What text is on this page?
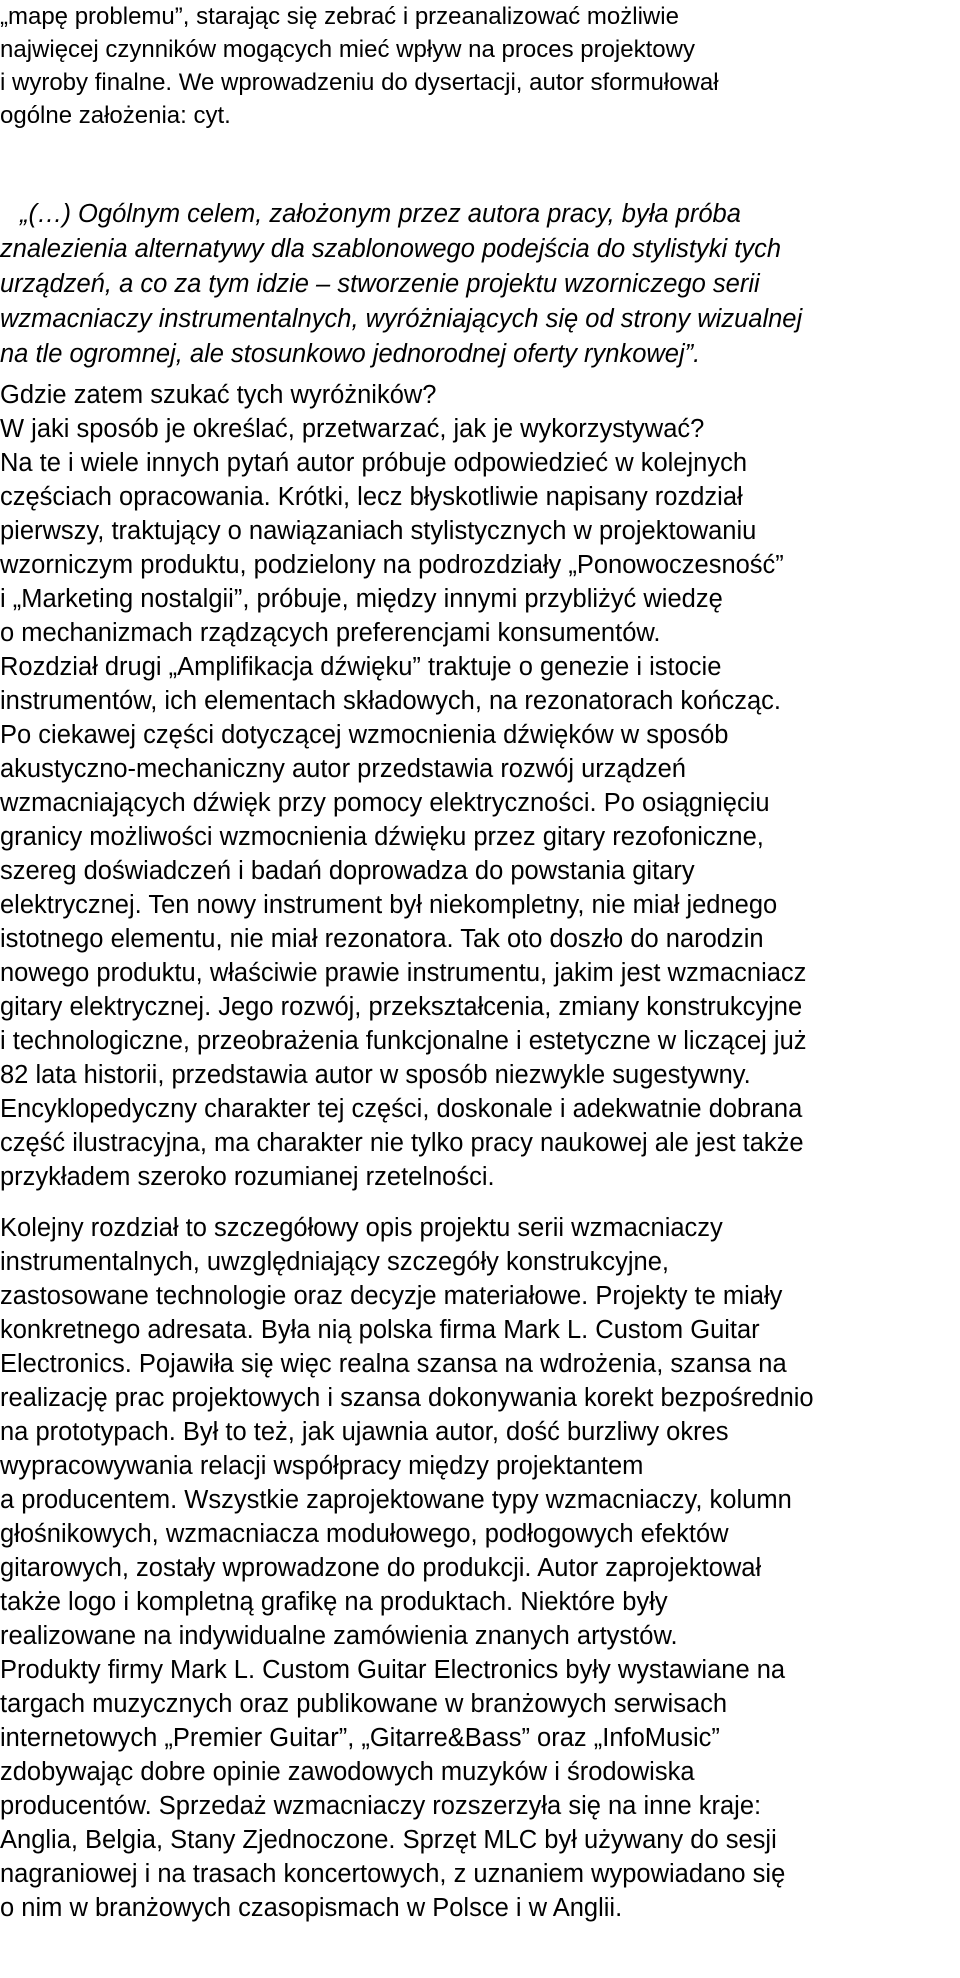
„mapę problemu”, starając się zebrać i przeanalizować możliwie
najwięcej czynników mogących mieć wpływ na proces projektowy
i wyroby finalne. We wprowadzeniu do dysertacji, autor sformułował
ogólne założenia: cyt.

„(…) Ogólnym celem, założonym przez autora pracy, była próba
znalezienia alternatywy dla szablonowego podejścia do stylistyki tych
urządzeń, a co za tym idzie – stworzenie projektu wzorniczego serii
wzmacniaczy instrumentalnych, wyróżniających się od strony wizualnej
na tle ogromnej, ale stosunkowo jednorodnej oferty rynkowej”.

Gdzie zatem szukać tych wyróżników?
W jaki sposób je określać, przetwarzać, jak je wykorzystywać?
Na te i wiele innych pytań autor próbuje odpowiedzieć w kolejnych
częściach opracowania. Krótki, lecz błyskotliwie napisany rozdział
pierwszy, traktujący o nawiązaniach stylistycznych w projektowaniu
wzorniczym produktu, podzielony na podrozdziały „Ponowoczesność”
i „Marketing nostalgii”, próbuje, między innymi przybliżyć wiedzę
o mechanizmach rządzących preferencjami konsumentów.
Rozdział drugi „Amplifikacja dźwięku” traktuje o genezie i istocie
instrumentów, ich elementach składowych, na rezonatorach kończąc.
Po ciekawej części dotyczącej wzmocnienia dźwięków w sposób
akustyczno-mechaniczny autor przedstawia rozwój urządzeń
wzmacniających dźwięk przy pomocy elektryczności. Po osiągnięciu
granicy możliwości wzmocnienia dźwięku przez gitary rezofoniczne,
szereg doświadczeń i badań doprowadza do powstania gitary
elektrycznej. Ten nowy instrument był niekompletny, nie miał jednego
istotnego elementu, nie miał rezonatora. Tak oto doszło do narodzin
nowego produktu, właściwie prawie instrumentu, jakim jest wzmacniacz
gitary elektrycznej. Jego rozwój, przekształcenia, zmiany konstrukcyjne
i technologiczne, przeobrażenia funkcjonalne i estetyczne w liczącej już
82 lata historii, przedstawia autor w sposób niezwykle sugestywny.
Encyklopedyczny charakter tej części, doskonale i adekwatnie dobrana
część ilustracyjna, ma charakter nie tylko pracy naukowej ale jest także
przykładem szeroko rozumianej rzetelności.

Kolejny rozdział to szczegółowy opis projektu serii wzmacniaczy
instrumentalnych, uwzględniający szczegóły konstrukcyjne,
zastosowane technologie oraz decyzje materiałowe. Projekty te miały
konkretnego adresata. Była nią polska firma Mark L. Custom Guitar
Electronics. Pojawiła się więc realna szansa na wdrożenia, szansa na
realizację prac projektowych i szansa dokonywania korekt bezpośrednio
na prototypach. Był to też, jak ujawnia autor, dość burzliwy okres
wypracowywania relacji współpracy między projektantem
a producentem. Wszystkie zaprojektowane typy wzmacniaczy, kolumn
głośnikowych, wzmacniacza modułowego, podłogowych efektów
gitarowych, zostały wprowadzone do produkcji. Autor zaprojektował
także logo i kompletną grafikę na produktach. Niektóre były
realizowane na indywidualne zamówienia znanych artystów.
Produkty firmy Mark L. Custom Guitar Electronics były wystawiane na
targach muzycznych oraz publikowane w branżowych serwisach
internetowych „Premier Guitar”, „Gitarre&Bass” oraz „InfoMusic”
zdobywając dobre opinie zawodowych muzyków i środowiska
producentów. Sprzedaż wzmacniaczy rozszerzyła się na inne kraje:
Anglia, Belgia, Stany Zjednoczone. Sprzęt MLC był używany do sesji
nagraniowej i na trasach koncertowych, z uznaniem wypowiadano się
o nim w branżowych czasopismach w Polsce i w Anglii.
